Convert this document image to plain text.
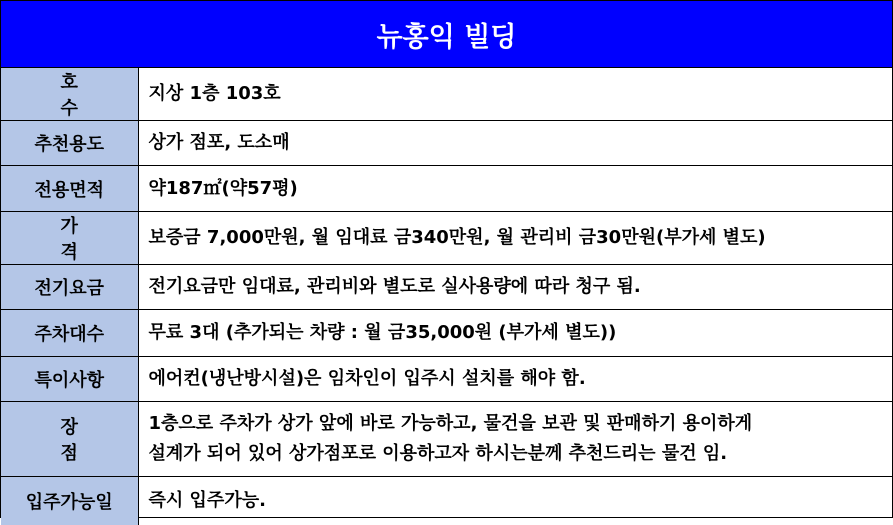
뉴홍익 빌딩
호 수	지상 1층 103호
추천용도	상가 점포, 도소매
전용면적	약187㎡(약57평)
가 격	보증금 7,000만원, 월 임대료 금340만원, 월 관리비 금30만원(부가세 별도)
전기요금	전기요금만 임대료, 관리비와 별도로 실사용량에 따라 청구 됨.
주차대수	무료 3대 (추가되는 차량 : 월 금35,000원 (부가세 별도))
특이사항	에어컨(냉난방시설)은 임차인이 입주시 설치를 해야 함.
장 점	1층으로 주차가 상가 앞에 바로 가능하고, 물건을 보관 및 판매하기 용이하게
설계가 되어 있어 상가점포로 이용하고자 하시는분께 추천드리는 물건 임.

입주가능일	즉시 입주가능.
